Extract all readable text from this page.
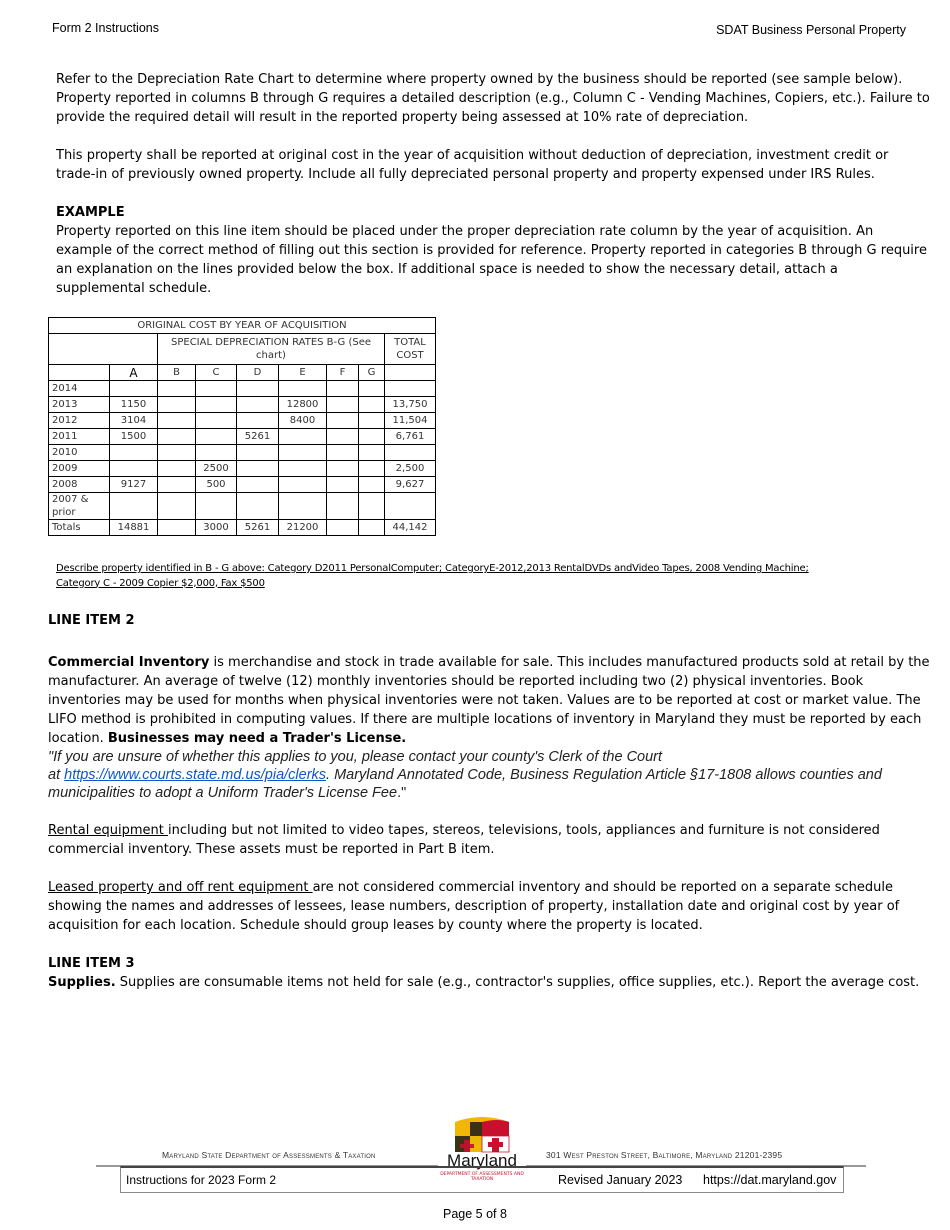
Form 2 Instructions	SDAT Business Personal Property

Refer to the Depreciation Rate Chart to determine where property owned by the business should be reported (see sample below). Property reported in columns B through G requires a detailed description (e.g., Column C - Vending Machines, Copiers, etc.). Failure to provide the required detail will result in the reported property being assessed at 10% rate of depreciation.

This property shall be reported at original cost in the year of acquisition without deduction of depreciation, investment credit or trade-in of previously owned property. Include all fully depreciated personal property and property expensed under IRS Rules.

EXAMPLE

Property reported on this line item should be placed under the proper depreciation rate column by the year of acquisition. An example of the correct method of filling out this section is provided for reference. Property reported in categories B through G require an explanation on the lines provided below the box. If additional space is needed to show the necessary detail, attach a supplemental schedule.

ORIGINAL COST BY YEAR OF ACQUISITION								
		SPECIAL DEPRECIATION RATES B-G (See chart)						TOTAL COST
	A	B	C	D	E	F	G	
2014								
2013	1150				12800			13,750
2012	3104				8400			11,504
2011	1500			5261				6,761
2010								
2009			2500					2,500
2008	9127		500					9,627
2007 & prior								
Totals	14881		3000	5261	21200			44,142
Describe property identified in B - G above: Category D2011 PersonalComputer; CategoryE-2012,2013 RentalDVDs andVideo Tapes, 2008 Vending Machine; Category C - 2009 Copier $2,000, Fax $500

LINE ITEM 2

Commercial Inventory is merchandise and stock in trade available for sale. This includes manufactured products sold at retail by the manufacturer. An average of twelve (12) monthly inventories should be reported including two (2) physical inventories. Book inventories may be used for months when physical inventories were not taken. Values are to be reported at cost or market value. The LIFO method is prohibited in computing values. If there are multiple locations of inventory in Maryland they must be reported by each location. Businesses may need a Trader's License.

"If you are unsure of whether this applies to you, please contact your county's Clerk of the Court
at https://www.courts.state.md.us/pia/clerks. Maryland Annotated Code, Business Regulation Article §17-1808 allows counties and municipalities to adopt a Uniform Trader's License Fee."

Rental equipment including but not limited to video tapes, stereos, televisions, tools, appliances and furniture is not considered commercial inventory. These assets must be reported in Part B item.

Leased property and off rent equipment are not considered commercial inventory and should be reported on a separate schedule showing the names and addresses of lessees, lease numbers, description of property, installation date and original cost by year of acquisition for each location. Schedule should group leases by county where the property is located.

LINE ITEM 3

Supplies. Supplies are consumable items not held for sale (e.g., contractor's supplies, office supplies, etc.). Report the average cost.

Maryland State Department of Assessments & Taxation	301 West Preston Street, Baltimore, Maryland 21201-2395
Maryland
DEPARTMENT OF ASSESSMENTS AND TAXATION
Instructions for 2023 Form 2	Revised January 2023 https://dat.maryland.gov
Page 5 of 8
